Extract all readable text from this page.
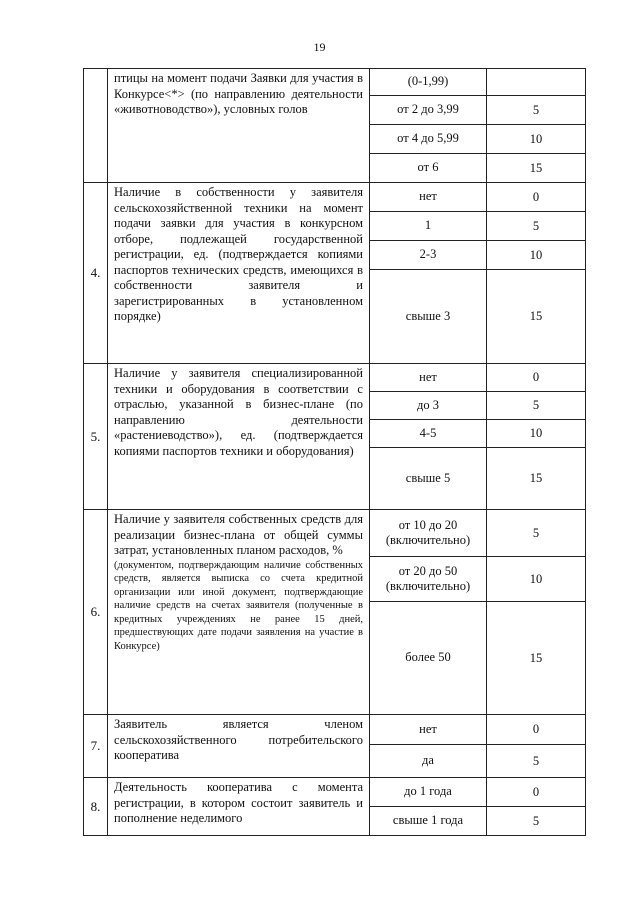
19
	птицы на момент подачи Заявки для участия в Конкурсе<*> (по направлению деятельности «животноводство»), условных голов	(0-1,99)	
		от 2 до 3,99	5
		от 4 до 5,99	10
		от 6	15
4.	Наличие в собственности у заявителя сельскохозяйственной техники на момент подачи заявки для участия в конкурсном отборе, подлежащей государственной регистрации, ед. (подтверждается копиями паспортов технических средств, имеющихся в собственности заявителя и зарегистрированных в установленном порядке)	нет	0
		1	5
		2-3	10
		свыше 3	15
5.	Наличие у заявителя специализированной техники и оборудования в соответствии с отраслью, указанной в бизнес-плане (по направлению деятельности «растениеводство»), ед. (подтверждается копиями паспортов техники и оборудования)	нет	0
		до 3	5
		4-5	10
		свыше 5	15
6.	Наличие у заявителя собственных средств для реализации бизнес-плана от общей суммы затрат, установленных планом расходов, %
(документом, подтверждающим наличие собственных средств, является выписка со счета кредитной организации или иной документ, подтверждающие наличие средств на счетах заявителя (полученные в кредитных учреждениях не ранее 15 дней, предшествующих дате подачи заявления на участие в Конкурсе)	от 10 до 20 (включительно)	5
		от 20 до 50 (включительно)	10
		более 50	15
7.	Заявитель является членом сельскохозяйственного потребительского кооператива	нет	0
		да	5
8.	Деятельность кооператива с момента регистрации, в котором состоит заявитель и пополнение неделимого	до 1 года	0
		свыше 1 года	5
